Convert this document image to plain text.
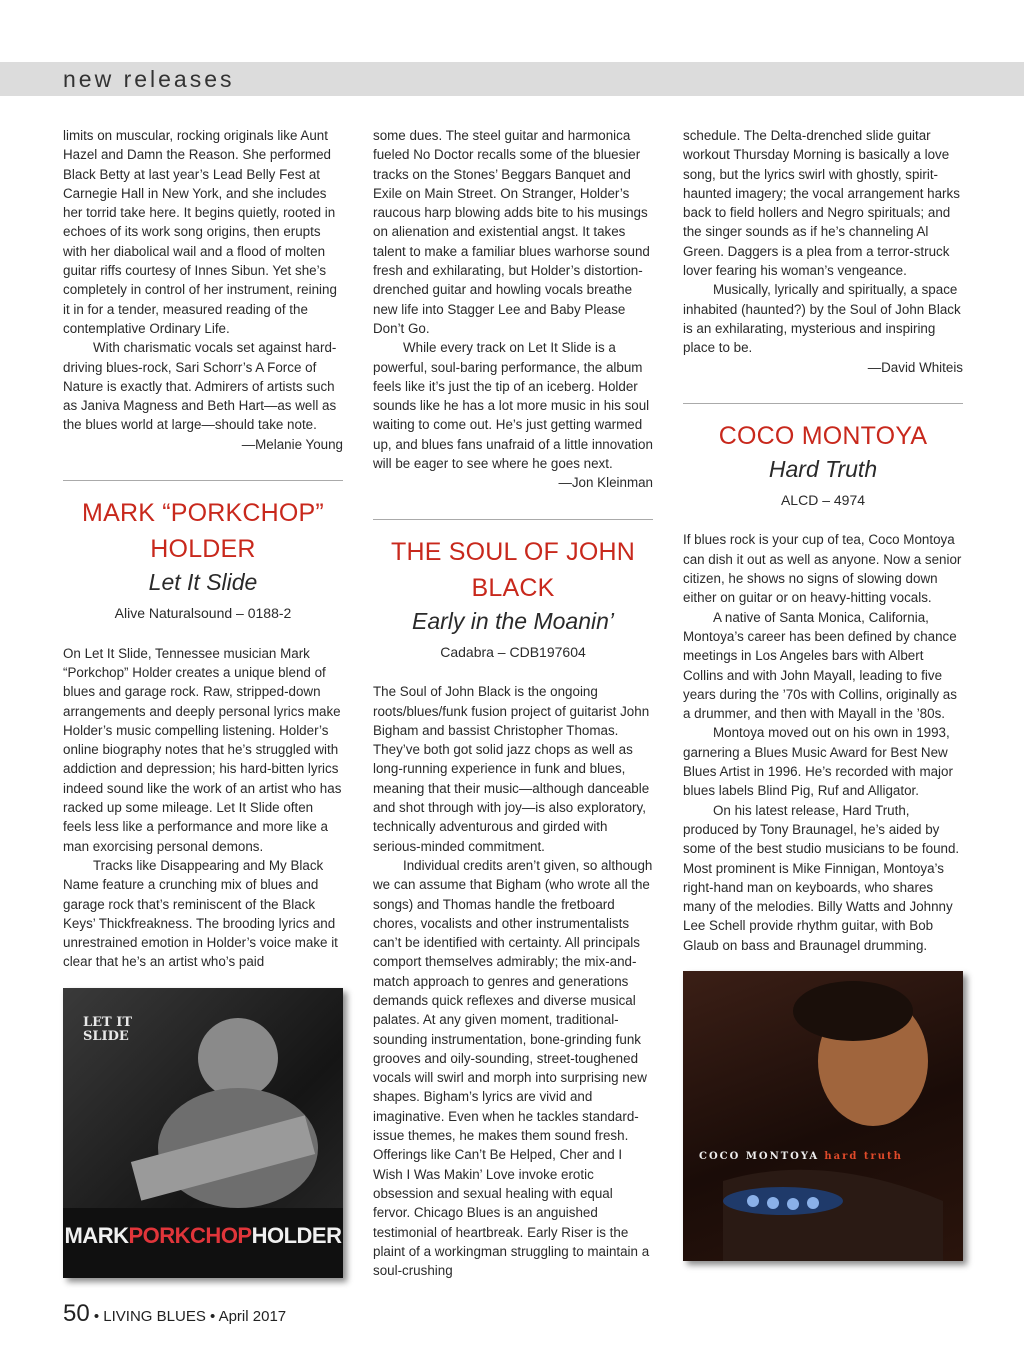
new releases

limits on muscular, rocking originals like Aunt Hazel and Damn the Reason. She performed Black Betty at last year’s Lead Belly Fest at Carnegie Hall in New York, and she includes her torrid take here. It begins quietly, rooted in echoes of its work song origins, then erupts with her diabolical wail and a flood of molten guitar riffs courtesy of Innes Sibun. Yet she’s completely in control of her instrument, reining it in for a tender, measured reading of the contemplative Ordinary Life.

With charismatic vocals set against hard-driving blues-rock, Sari Schorr’s A Force of Nature is exactly that. Admirers of artists such as Janiva Magness and Beth Hart—as well as the blues world at large—should take note.

—Melanie Young

MARK “PORKCHOP” HOLDER
Let It Slide
Alive Naturalsound – 0188-2

On Let It Slide, Tennessee musician Mark “Porkchop” Holder creates a unique blend of blues and garage rock. Raw, stripped-down arrangements and deeply personal lyrics make Holder’s music compelling listening. Holder’s online biography notes that he’s struggled with addiction and depression; his hard-bitten lyrics indeed sound like the work of an artist who has racked up some mileage. Let It Slide often feels less like a performance and more like a man exorcising personal demons.

Tracks like Disappearing and My Black Name feature a crunching mix of blues and garage rock that’s reminiscent of the Black Keys’ Thickfreakness. The brooding lyrics and unrestrained emotion in Holder’s voice make it clear that he’s an artist who’s paid

LET IT SLIDE
MARKPORKCHOPHOLDER

some dues. The steel guitar and harmonica fueled No Doctor recalls some of the bluesier tracks on the Stones’ Beggars Banquet and Exile on Main Street. On Stranger, Holder’s raucous harp blowing adds bite to his musings on alienation and existential angst. It takes talent to make a familiar blues warhorse sound fresh and exhilarating, but Holder’s distortion-drenched guitar and howling vocals breathe new life into Stagger Lee and Baby Please Don’t Go.

While every track on Let It Slide is a powerful, soul-baring performance, the album feels like it’s just the tip of an iceberg. Holder sounds like he has a lot more music in his soul waiting to come out. He’s just getting warmed up, and blues fans unafraid of a little innovation will be eager to see where he goes next.

—Jon Kleinman

THE SOUL OF JOHN BLACK
Early in the Moanin’
Cadabra – CDB197604

The Soul of John Black is the ongoing roots/blues/funk fusion project of guitarist John Bigham and bassist Christopher Thomas. They’ve both got solid jazz chops as well as long-running experience in funk and blues, meaning that their music—although danceable and shot through with joy—is also exploratory, technically adventurous and girded with serious-minded commitment.

Individual credits aren’t given, so although we can assume that Bigham (who wrote all the songs) and Thomas handle the fretboard chores, vocalists and other instrumentalists can’t be identified with certainty. All principals comport themselves admirably; the mix-and-match approach to genres and generations demands quick reflexes and diverse musical palates. At any given moment, traditional-sounding instrumentation, bone-grinding funk grooves and oily-sounding, street-toughened vocals will swirl and morph into surprising new shapes. Bigham’s lyrics are vivid and imaginative. Even when he tackles standard-issue themes, he makes them sound fresh. Offerings like Can’t Be Helped, Cher and I Wish I Was Makin’ Love invoke erotic obsession and sexual healing with equal fervor. Chicago Blues is an anguished testimonial of heartbreak. Early Riser is the plaint of a workingman struggling to maintain a soul-crushing

schedule. The Delta-drenched slide guitar workout Thursday Morning is basically a love song, but the lyrics swirl with ghostly, spirit-haunted imagery; the vocal arrangement harks back to field hollers and Negro spirituals; and the singer sounds as if he’s channeling Al Green. Daggers is a plea from a terror-struck lover fearing his woman’s vengeance.

Musically, lyrically and spiritually, a space inhabited (haunted?) by the Soul of John Black is an exhilarating, mysterious and inspiring place to be.

—David Whiteis

COCO MONTOYA
Hard Truth
ALCD – 4974

If blues rock is your cup of tea, Coco Montoya can dish it out as well as anyone. Now a senior citizen, he shows no signs of slowing down either on guitar or on heavy-hitting vocals.

A native of Santa Monica, California, Montoya’s career has been defined by chance meetings in Los Angeles bars with Albert Collins and with John Mayall, leading to five years during the ’70s with Collins, originally as a drummer, and then with Mayall in the ’80s.

Montoya moved out on his own in 1993, garnering a Blues Music Award for Best New Blues Artist in 1996. He’s recorded with major blues labels Blind Pig, Ruf and Alligator.

On his latest release, Hard Truth, produced by Tony Braunagel, he’s aided by some of the best studio musicians to be found. Most prominent is Mike Finnigan, Montoya’s right-hand man on keyboards, who shares many of the melodies. Billy Watts and Johnny Lee Schell provide rhythm guitar, with Bob Glaub on bass and Braunagel drumming.

COCO MONTOYA hard truth
50 • LIVING BLUES • April 2017
